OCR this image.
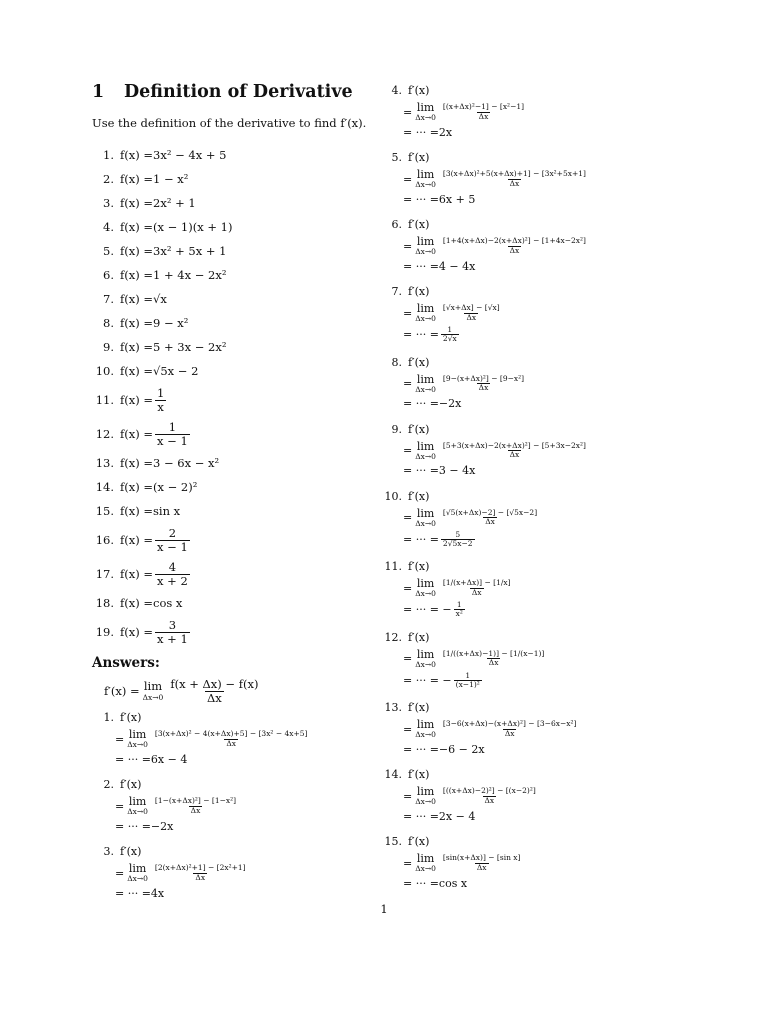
1 Definition of Derivative
Use the definition of the derivative to find f′(x).
1. f(x) = 3x² − 4x + 5
2. f(x) = 1 − x²
3. f(x) = 2x² + 1
4. f(x) = (x − 1)(x + 1)
5. f(x) = 3x² + 5x + 1
6. f(x) = 1 + 4x − 2x²
7. f(x) = √x
8. f(x) = 9 − x²
9. f(x) = 5 + 3x − 2x²
10. f(x) = √5x − 2
11. $f(x) = \frac{1}{x}$
12. $f(x) = \frac{1}{x - 1}$
13. f(x) = 3 − 6x − x²
14. f(x) = (x − 2)²
15. f(x) = sin x
16. $f(x) = \frac{2}{x - 1}$
17. $f(x) = \frac{4}{x + 2}$
18. f(x) = cos x
19. $f(x) = \frac{3}{x + 1}$
Answers:
f′(x) = lim
$\Delta x\to 0 \frac{f(x + \Delta x) - f(x)}{\Delta x}$
1. f′(x)
= lim
$\Delta x\to 0 \frac{\text{[3(x+Δx)² − 4(x+Δx)+5] − [3x² − 4x+5]}}{\Delta x}$
= ··· = 6x − 4
2. f′(x)
= lim
$\Delta x\to 0 \frac{\text{[1−(x+Δx)²] − [1−x²]}}{\Delta x}$
= ··· = −2x
3. f′(x)
= lim
$\Delta x\to 0 \frac{\text{[2(x+Δx)²+1] − [2x²+1]}}{\Delta x}$
= ··· = 4x
4. f′(x)
= lim
$\Delta x\to 0 \frac{\text{[(x+Δx)²−1] − [x²−1]}}{\Delta x}$
= ··· = 2x
5. f′(x)
= lim
$\Delta x\to 0 \frac{\text{[3(x+Δx)²+5(x+Δx)+1] − [3x²+5x+1]}}{\Delta x}$
= ··· = 6x + 5
6. f′(x)
= lim
$\Delta x\to 0 \frac{\text{[1+4(x+Δx)−2(x+Δx)²] − [1+4x−2x²]}}{\Delta x}$
= ··· = 4 − 4x
7. f′(x)
= lim
$\Delta x\to 0 \frac{[√x+\Delta x] - [√x]}{\Delta x}$
= ··· = $\frac{1}{2√x}$
8. f′(x)
= lim
$\Delta x\to 0 \frac{\text{[9−(x+Δx)²] − [9−x²]}}{\Delta x}$
= ··· = −2x
9. f′(x)
= lim
$\Delta x\to 0 \frac{\text{[5+3(x+Δx)−2(x+Δx)²] − [5+3x−2x²]}}{\Delta x}$
= ··· = 3 − 4x
10. f′(x)
= lim
$\Delta x\to 0 \frac{[√5(x+\Delta x)-2] - [√5x-2]}{\Delta x}$
= ··· = $\frac{5}{2√5x-2}$
11. f′(x)
= lim
$\Delta x\to 0 \frac{[1/(x+\Delta x)] - [1/x]}{\Delta x}$
= ··· = − $\frac{1}{\text{x²}}$
12. f′(x)
= lim
$\Delta x\to 0 \frac{[1/((x+\Delta x)-1)] - [1/(x-1)]}{\Delta x}$
= ··· = − $\frac{1}{\text{(x−1)²}}$
13. f′(x)
= lim
$\Delta x\to 0 \frac{\text{[3−6(x+Δx)−(x+Δx)²] − [3−6x−x²]}}{\Delta x}$
= ··· = −6 − 2x
14. f′(x)
= lim
$\Delta x\to 0 \frac{\text{[((x+Δx)−2)²] − [(x−2)²]}}{\Delta x}$
= ··· = 2x − 4
15. f′(x)
= lim
$\Delta x\to 0 \frac{\text{[sin(x+Δx)] − [sin x]}}{\Delta x}$
= ··· = cos x
1
